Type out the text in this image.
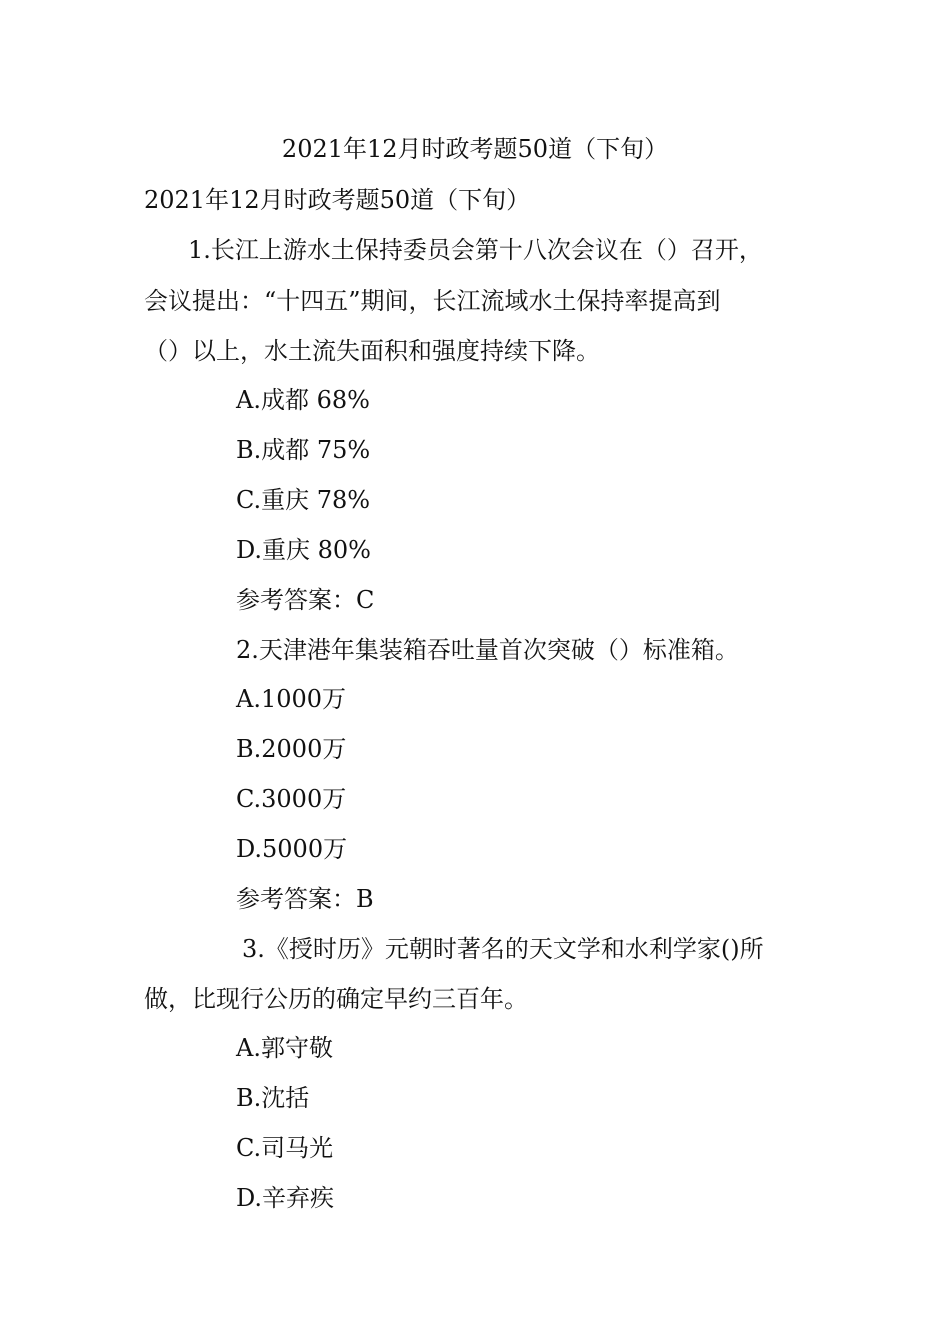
2021年12月时政考题50道（下旬）
2021年12月时政考题50道（下旬）
1.长江上游水土保持委员会第十八次会议在（）召开，
会议提出：“十四五”期间，长江流域水土保持率提高到
（）以上，水土流失面积和强度持续下降。
A.成都 68%
B.成都 75%
C.重庆 78%
D.重庆 80%
参考答案：C
2.天津港年集装箱吞吐量首次突破（）标准箱。
A.1000万
B.2000万
C.3000万
D.5000万
参考答案：B
3.《授时历》元朝时著名的天文学和水利学家()所
做，比现行公历的确定早约三百年。
A.郭守敬
B.沈括
C.司马光
D.辛弃疾
